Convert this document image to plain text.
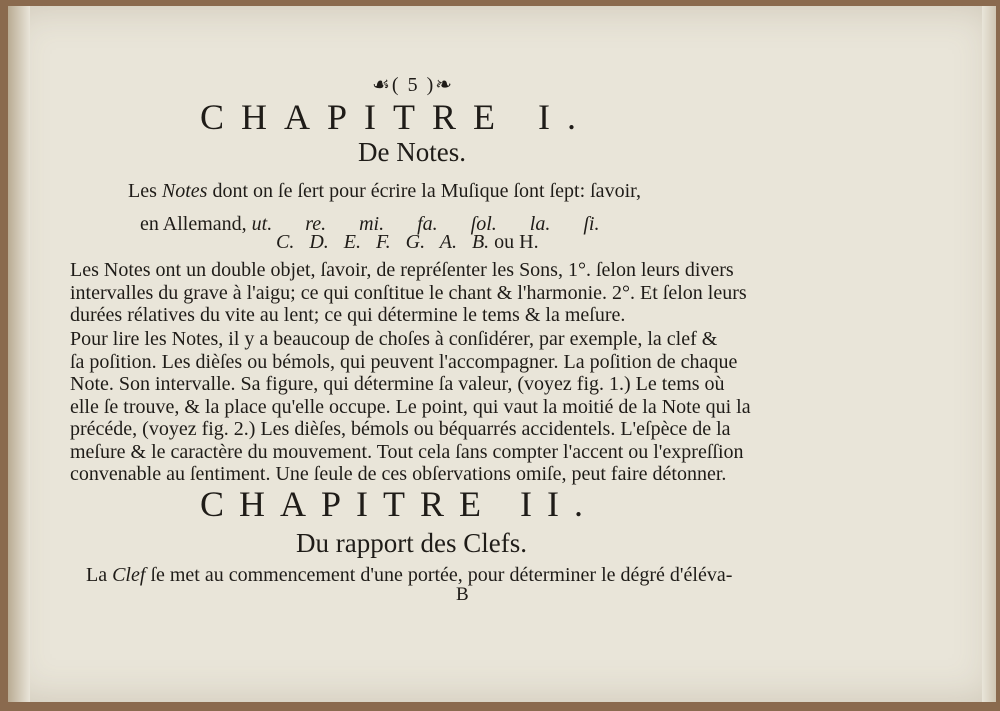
☙( 5 )❧
CHAPITRE I.
De Notes.
Les Notes dont on ſe ſert pour écrire la Muſique ſont ſept: ſavoir,
en Allemand, ut.   re.   mi.   fa.   ſol.   la.   ſi.
C.   D.   E.   F.   G.   A.   B. ou H.
Les Notes ont un double objet, ſavoir, de repréſenter les Sons, 1°. ſelon leurs divers
intervalles du grave à l'aigu; ce qui conſtitue le chant & l'harmonie. 2°. Et ſelon leurs
durées rélatives du vite au lent; ce qui détermine le tems & la meſure.
Pour lire les Notes, il y a beaucoup de choſes à conſidérer, par exemple, la clef &
ſa poſition. Les dièſes ou bémols, qui peuvent l'accompagner. La poſition de chaque
Note. Son intervalle. Sa figure, qui détermine ſa valeur, (voyez fig. 1.) Le tems où
elle ſe trouve, & la place qu'elle occupe. Le point, qui vaut la moitié de la Note qui la
précéde, (voyez fig. 2.) Les dièſes, bémols ou béquarrés accidentels. L'eſpèce de la
meſure & le caractère du mouvement. Tout cela ſans compter l'accent ou l'expreſſion
convenable au ſentiment. Une ſeule de ces obſervations omiſe, peut faire détonner.
CHAPITRE II.
Du rapport des Clefs.
La Clef ſe met au commencement d'une portée, pour déterminer le dégré d'éléva-
B
